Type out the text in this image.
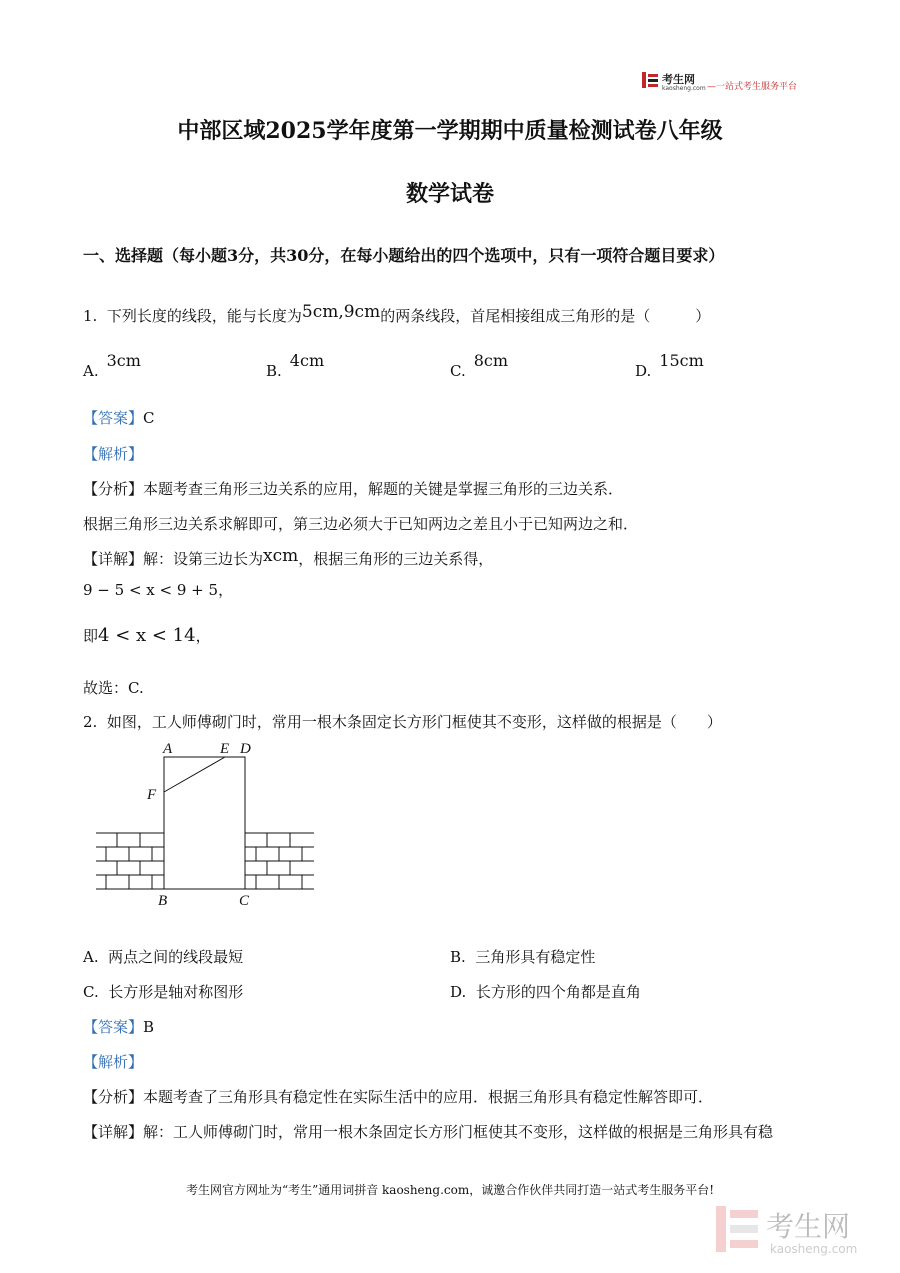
考生网
kaosheng.com —一站式考生服务平台
中部区域2025学年度第一学期期中质量检测试卷八年级
数学试卷
一、选择题（每小题3分，共30分，在每小题给出的四个选项中，只有一项符合题目要求）
1. 下列长度的线段，能与长度为5cm,9cm的两条线段，首尾相接组成三角形的是（　　　）
A.3cm
B.4cm
C.8cm
D.15cm
【答案】C
【解析】
【分析】本题考查三角形三边关系的应用，解题的关键是掌握三角形的三边关系．
根据三角形三边关系求解即可，第三边必须大于已知两边之差且小于已知两边之和．
【详解】解：设第三边长为xcm，根据三角形的三边关系得，
9 − 5 < x < 9 + 5，
即4 < x < 14，
故选：C.
2. 如图，工人师傅砌门时，常用一根木条固定长方形门框使其不变形，这样做的根据是（　　）
A	E D
F
B	C
A. 两点之间的线段最短	B. 三角形具有稳定性
C. 长方形是轴对称图形	D. 长方形的四个角都是直角
【答案】B
【解析】
【分析】本题考查了三角形具有稳定性在实际生活中的应用．根据三角形具有稳定性解答即可．
【详解】解：工人师傅砌门时，常用一根木条固定长方形门框使其不变形，这样做的根据是三角形具有稳
考生网官方网址为“考生”通用词拼音 kaosheng.com，诚邀合作伙伴共同打造一站式考生服务平台!
考生网
kaosheng.com
